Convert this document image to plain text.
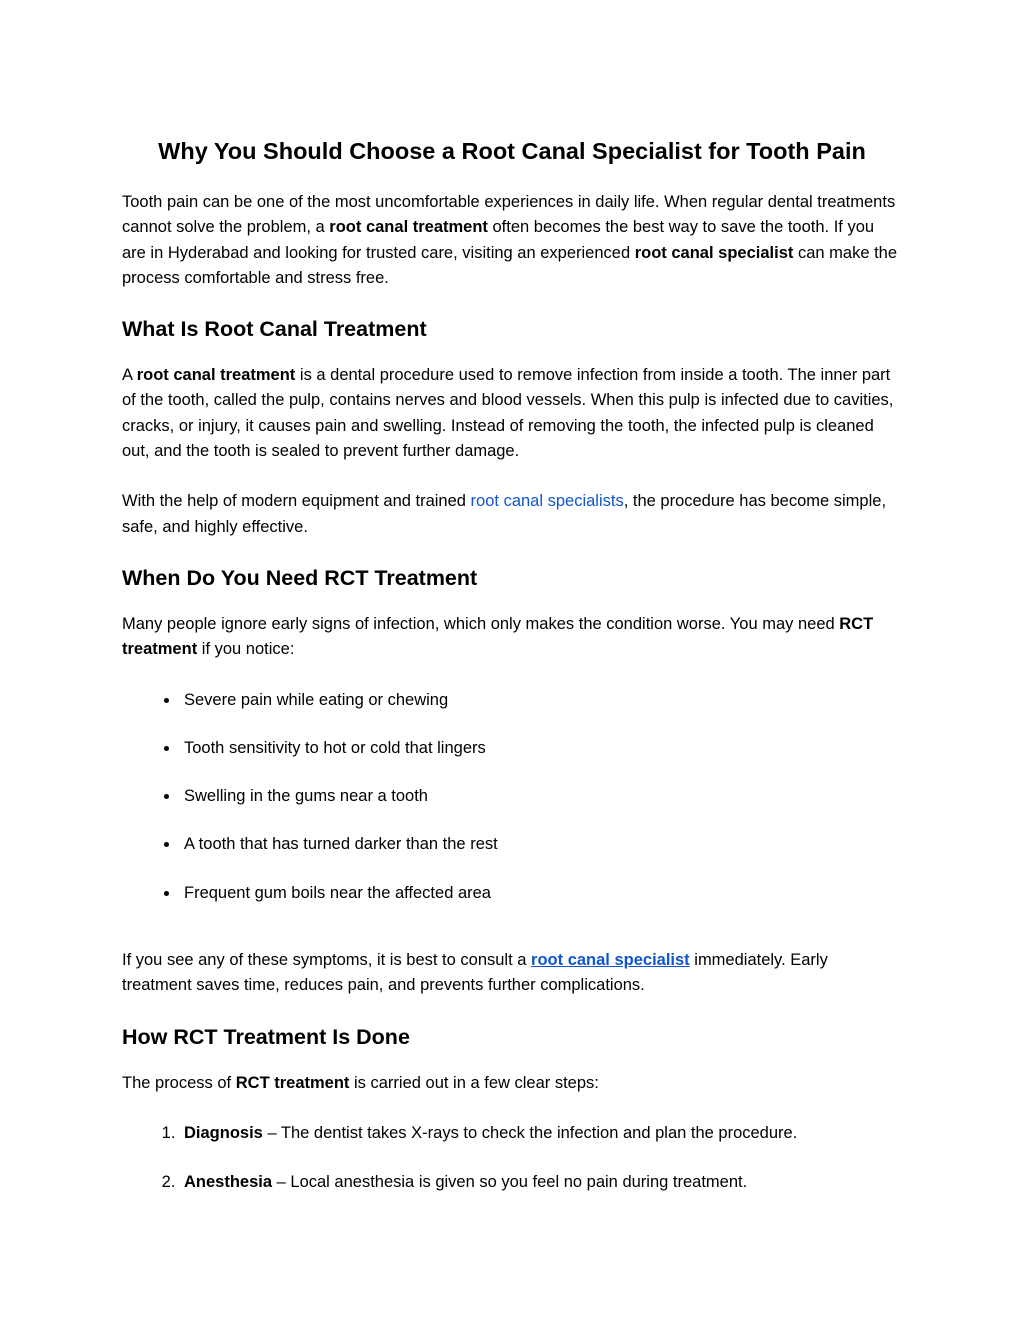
Why You Should Choose a Root Canal Specialist for Tooth Pain

Tooth pain can be one of the most uncomfortable experiences in daily life. When regular dental treatments cannot solve the problem, a root canal treatment often becomes the best way to save the tooth. If you are in Hyderabad and looking for trusted care, visiting an experienced root canal specialist can make the process comfortable and stress free.

What Is Root Canal Treatment

A root canal treatment is a dental procedure used to remove infection from inside a tooth. The inner part of the tooth, called the pulp, contains nerves and blood vessels. When this pulp is infected due to cavities, cracks, or injury, it causes pain and swelling. Instead of removing the tooth, the infected pulp is cleaned out, and the tooth is sealed to prevent further damage.

With the help of modern equipment and trained root canal specialists, the procedure has become simple, safe, and highly effective.

When Do You Need RCT Treatment

Many people ignore early signs of infection, which only makes the condition worse. You may need RCT treatment if you notice:

• Severe pain while eating or chewing
• Tooth sensitivity to hot or cold that lingers
• Swelling in the gums near a tooth
• A tooth that has turned darker than the rest
• Frequent gum boils near the affected area

If you see any of these symptoms, it is best to consult a root canal specialist immediately. Early treatment saves time, reduces pain, and prevents further complications.

How RCT Treatment Is Done

The process of RCT treatment is carried out in a few clear steps:

1. Diagnosis – The dentist takes X-rays to check the infection and plan the procedure.
2. Anesthesia – Local anesthesia is given so you feel no pain during treatment.
